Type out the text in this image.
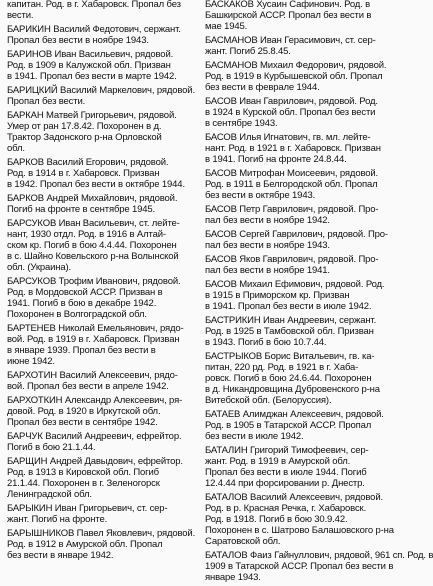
капитан. Род. в г. Хабаровск. Пропал без
вести.
БАРИКИН Василий Федотович, сержант.
Пропал без вести в ноябре 1943.
БАРИНОВ Иван Васильевич, рядовой.
Род. в 1909 в Калужской обл. Призван
в 1941. Пропал без вести в марте 1942.
БАРИЦКИЙ Василий Маркелович, рядовой.
Пропал без вести.
БАРКАН Матвей Григорьевич, рядовой.
Умер от ран 17.8.42. Похоронен в д.
Трактор Задонского р-на Орловской
обл.
БАРКОВ Василий Егорович, рядовой.
Род. в 1914 в г. Хабаровск. Призван
в 1942. Пропал без вести в октябре 1944.
БАРКОВ Андрей Михайлович, рядовой.
Погиб на фронте в сентябре 1945.
БАРСУКОВ Иван Васильевич, ст. лейте-
нант, 1930 отдл. Род. в 1916 в Алтай-
ском кр. Погиб в бою 4.4.44. Похоронен
в с. Шайно Ковельского р-на Волынской
обл. (Украина).
БАРСУКОВ Трофим Иванович, рядовой.
Род. в Мордовской АССР. Призван в
1941. Погиб в бою в декабре 1942.
Похоронен в Волгоградской обл.
БАРТЕНЕВ Николай Емельянович, рядо-
вой. Род. в 1919 в г. Хабаровск. Призван
в январе 1939. Пропал без вести в
июне 1942.
БАРХОТИН Василий Алексеевич, рядо-
вой. Пропал без вести в апреле 1942.
БАРХОТКИН Александр Алексеевич, ря-
довой. Род. в 1920 в Иркутской обл.
Пропал без вести в сентябре 1942.
БАРЧУК Василий Андреевич, ефрейтор.
Погиб в бою 21.1.44.
БАРЩИН Андрей Давыдович, ефрейтор.
Род. в 1913 в Кировской обл. Погиб
21.1.44. Похоронен в г. Зеленогорск
Ленинградской обл.
БАРЫКИН Иван Григорьевич, ст. сер-
жант. Погиб на фронте.
БАРЫШНИКОВ Павел Яковлевич, рядовой.
Род. в 1912 в Амурской обл. Пропал
без вести в январе 1942.
БАСКАКОВ Хусаин Сафинович. Род. в
Башкирской АССР. Пропал без вести в
мае 1945.
БАСМАНОВ Иван Герасимович, ст. сер-
жант. Погиб 25.8.45.
БАСМАНОВ Михаил Федорович, рядовой.
Род. в 1919 в Курбышевской обл. Пропал
без вести в феврале 1944.
БАСОВ Иван Гаврилович, рядовой. Род.
в 1924 в Курской обл. Пропал без вести
в сентябре 1943.
БАСОВ Илья Игнатович, гв. мл. лейте-
нант. Род. в 1921 в г. Хабаровск. Призван
в 1941. Погиб на фронте 24.8.44.
БАСОВ Митрофан Моисеевич, рядовой.
Род. в 1911 в Белгородской обл. Пропал
без вести в октябре 1943.
БАСОВ Петр Гаврилович, рядовой. Про-
пал без вести в ноябре 1942.
БАСОВ Сергей Гаврилович, рядовой. Про-
пал без вести в ноябре 1943.
БАСОВ Яков Гаврилович, рядовой. Про-
пал без вести в ноябре 1941.
БАСОВ Михаил Ефимович, рядовой. Род.
в 1915 в Приморском кр. Призван
в 1941. Пропал без вести в июле 1942.
БАСТРИКИН Иван Андреевич, сержант.
Род. в 1925 в Тамбовской обл. Призван
в 1943. Погиб в бою 10.7.44.
БАСТРЫКОВ Борис Витальевич, гв. ка-
питан, 220 рд. Род. в 1921 в г. Хаба-
ровск. Погиб в бою 24.6.44. Похоронен
в д. Никандровщина Дубровенского р-на
Витебской обл. (Белоруссия).
БАТАЕВ Алимджан Алексеевич, рядовой.
Род. в 1905 в Татарской АССР. Пропал
без вести в июле 1942.
БАТАЛИН Григорий Тимофеевич, сер-
жант. Род. в 1919 в Амурской обл.
Пропал без вести в июле 1944. Погиб
12.4.44 при форсировании р. Днестр.
БАТАЛОВ Василий Алексеевич, рядовой.
Род. в р. Красная Речка, г. Хабаровск.
Род. в 1918. Погиб в бою 30.9.42.
Похоронен в с. Шатрово Балашовского р-на
Саратовской обл.
БАТАЛОВ Фаиз Гайнуллович, рядовой, 961 сп. Род. в
1909 в Татарской АССР. Пропал без вести в
январе 1943.
